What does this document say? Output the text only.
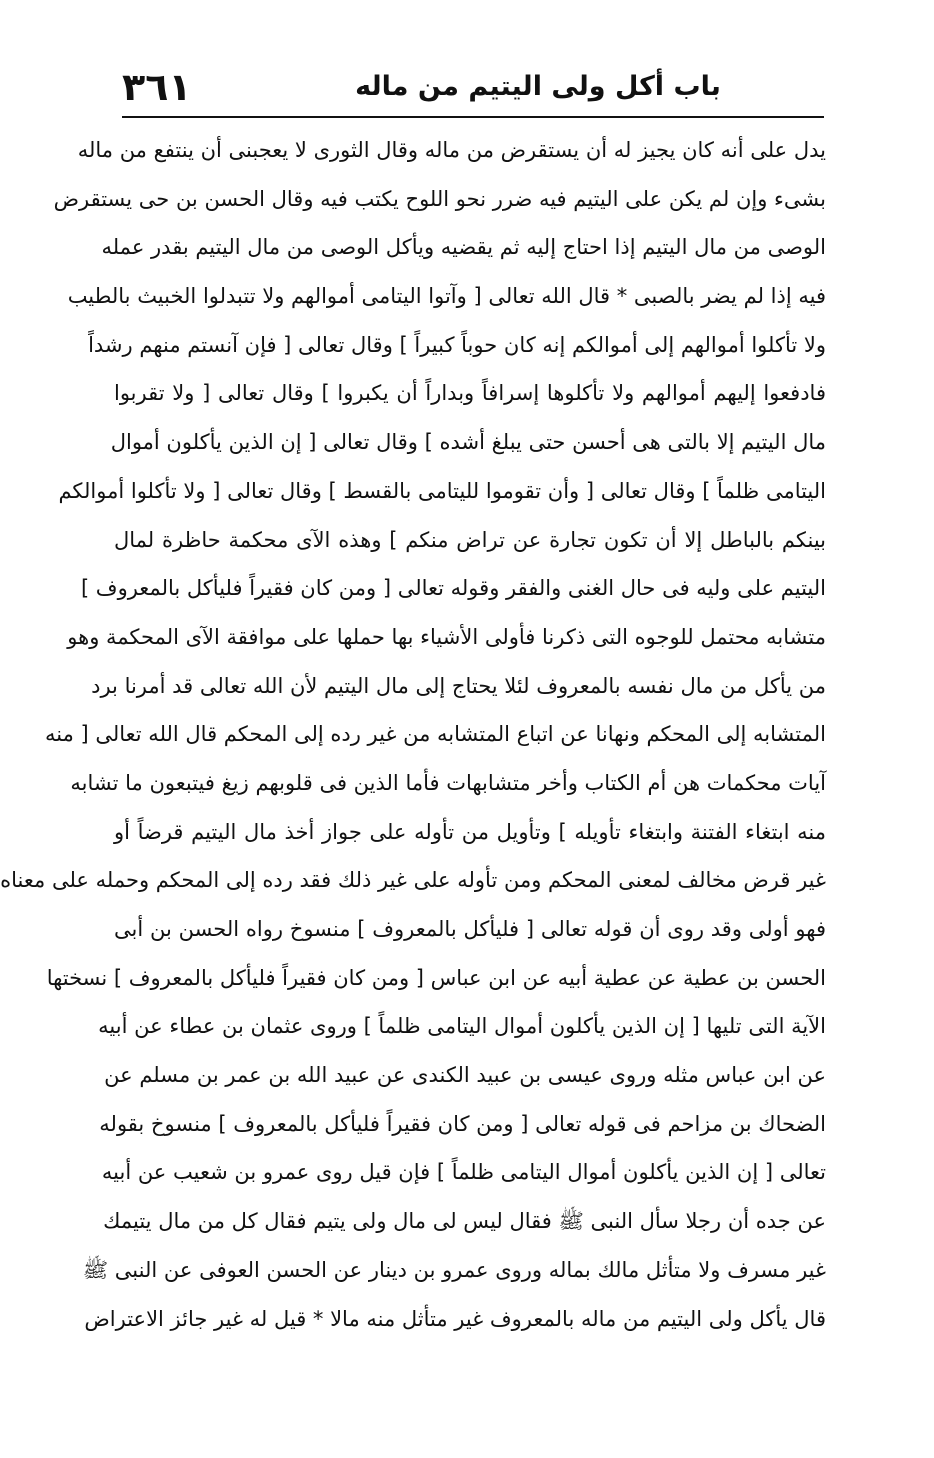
٣٦١	باب أكل ولى اليتيم من ماله
يدل على أنه كان يجيز له أن يستقرض من ماله وقال الثورى لا يعجبنى أن ينتفع من ماله
بشىء وإن لم يكن على اليتيم فيه ضرر نحو اللوح يكتب فيه وقال الحسن بن حى يستقرض
الوصى من مال اليتيم إذا احتاج إليه ثم يقضيه ويأكل الوصى من مال اليتيم بقدر عمله
فيه إذا لم يضر بالصبى * قال الله تعالى [ وآتوا اليتامى أموالهم ولا تتبدلوا الخبيث بالطيب
ولا تأكلوا أموالهم إلى أموالكم إنه كان حوباً كبيراً ] وقال تعالى [ فإن آنستم منهم رشداً
فادفعوا إليهم أموالهم ولا تأكلوها إسرافاً وبداراً أن يكبروا ] وقال تعالى [ ولا تقربوا
مال اليتيم إلا بالتى هى أحسن حتى يبلغ أشده ] وقال تعالى [ إن الذين يأكلون أموال
اليتامى ظلماً ] وقال تعالى [ وأن تقوموا لليتامى بالقسط ] وقال تعالى [ ولا تأكلوا أموالكم
بينكم بالباطل إلا أن تكون تجارة عن تراض منكم ] وهذه الآى محكمة حاظرة لمال
اليتيم على وليه فى حال الغنى والفقر وقوله تعالى [ ومن كان فقيراً فليأكل بالمعروف ]
متشابه محتمل للوجوه التى ذكرنا فأولى الأشياء بها حملها على موافقة الآى المحكمة وهو
من يأكل من مال نفسه بالمعروف لئلا يحتاج إلى مال اليتيم لأن الله تعالى قد أمرنا برد
المتشابه إلى المحكم ونهانا عن اتباع المتشابه من غير رده إلى المحكم قال الله تعالى [ منه
آيات محكمات هن أم الكتاب وأخر متشابهات فأما الذين فى قلوبهم زيغ فيتبعون ما تشابه
منه ابتغاء الفتنة وابتغاء تأويله ] وتأويل من تأوله على جواز أخذ مال اليتيم قرضاً أو
غير قرض مخالف لمعنى المحكم ومن تأوله على غير ذلك فقد رده إلى المحكم وحمله على معناه
فهو أولى وقد روى أن قوله تعالى [ فليأكل بالمعروف ] منسوخ رواه الحسن بن أبى
الحسن بن عطية عن عطية أبيه عن ابن عباس [ ومن كان فقيراً فليأكل بالمعروف ] نسختها
الآية التى تليها [ إن الذين يأكلون أموال اليتامى ظلماً ] وروى عثمان بن عطاء عن أبيه
عن ابن عباس مثله وروى عيسى بن عبيد الكندى عن عبيد الله بن عمر بن مسلم عن
الضحاك بن مزاحم فى قوله تعالى [ ومن كان فقيراً فليأكل بالمعروف ] منسوخ بقوله
تعالى [ إن الذين يأكلون أموال اليتامى ظلماً ] فإن قيل روى عمرو بن شعيب عن أبيه
عن جده أن رجلا سأل النبى ﷺ فقال ليس لى مال ولى يتيم فقال كل من مال يتيمك
غير مسرف ولا متأثل مالك بماله وروى عمرو بن دينار عن الحسن العوفى عن النبى ﷺ
قال يأكل ولى اليتيم من ماله بالمعروف غير متأثل منه مالا * قيل له غير جائز الاعتراض
